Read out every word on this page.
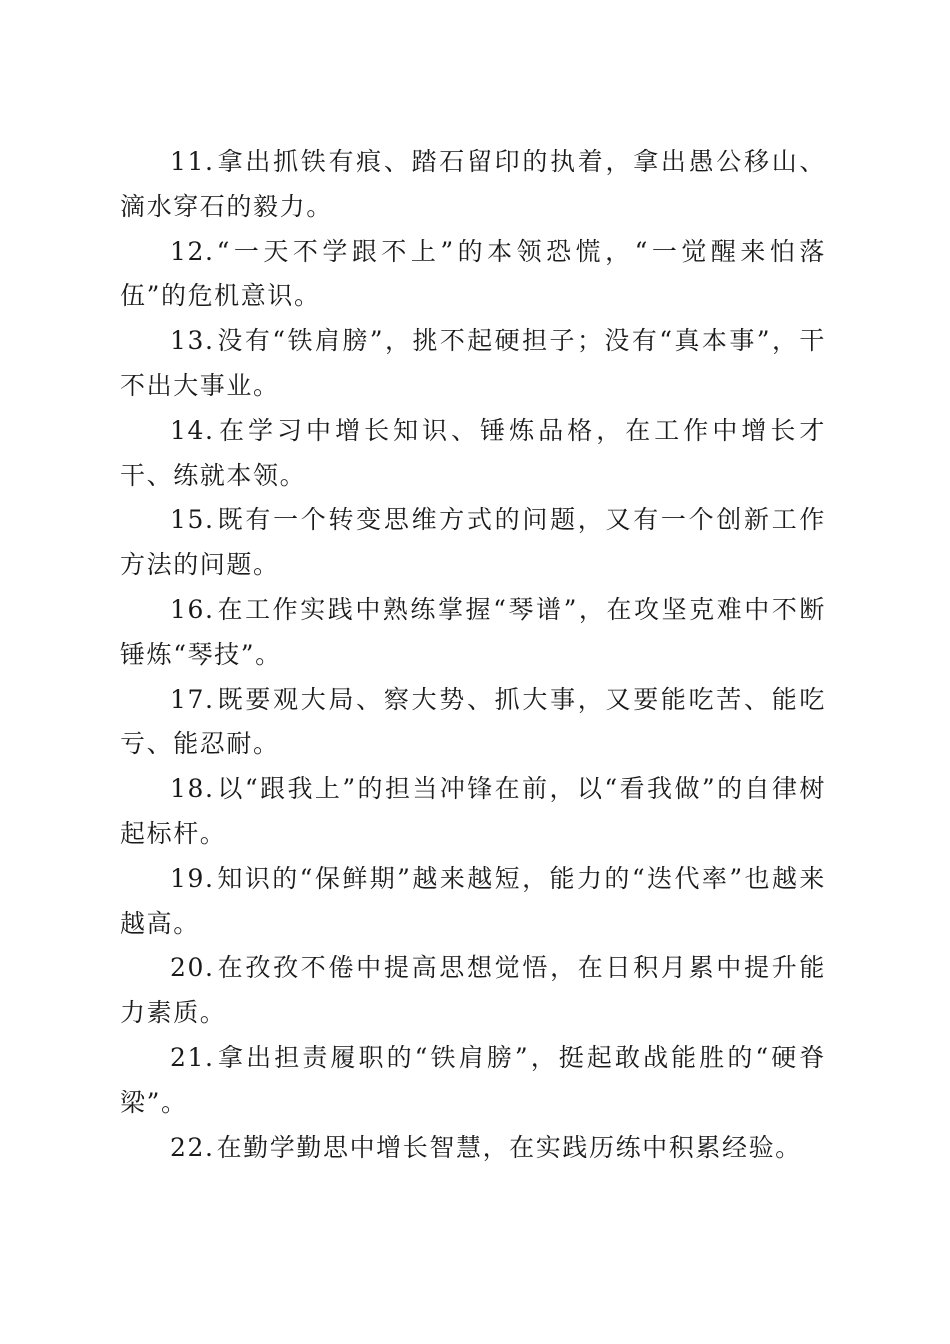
11.拿出抓铁有痕、踏石留印的执着，拿出愚公移山、滴水穿石的毅力。

12.“一天不学跟不上”的本领恐慌，“一觉醒来怕落伍”的危机意识。

13.没有“铁肩膀”，挑不起硬担子；没有“真本事”，干不出大事业。

14.在学习中增长知识、锤炼品格，在工作中增长才干、练就本领。

15.既有一个转变思维方式的问题，又有一个创新工作方法的问题。

16.在工作实践中熟练掌握“琴谱”，在攻坚克难中不断锤炼“琴技”。

17.既要观大局、察大势、抓大事，又要能吃苦、能吃亏、能忍耐。

18.以“跟我上”的担当冲锋在前，以“看我做”的自律树起标杆。

19.知识的“保鲜期”越来越短，能力的“迭代率”也越来越高。

20.在孜孜不倦中提高思想觉悟，在日积月累中提升能力素质。

21.拿出担责履职的“铁肩膀”，挺起敢战能胜的“硬脊梁”。

22.在勤学勤思中增长智慧，在实践历练中积累经验。
